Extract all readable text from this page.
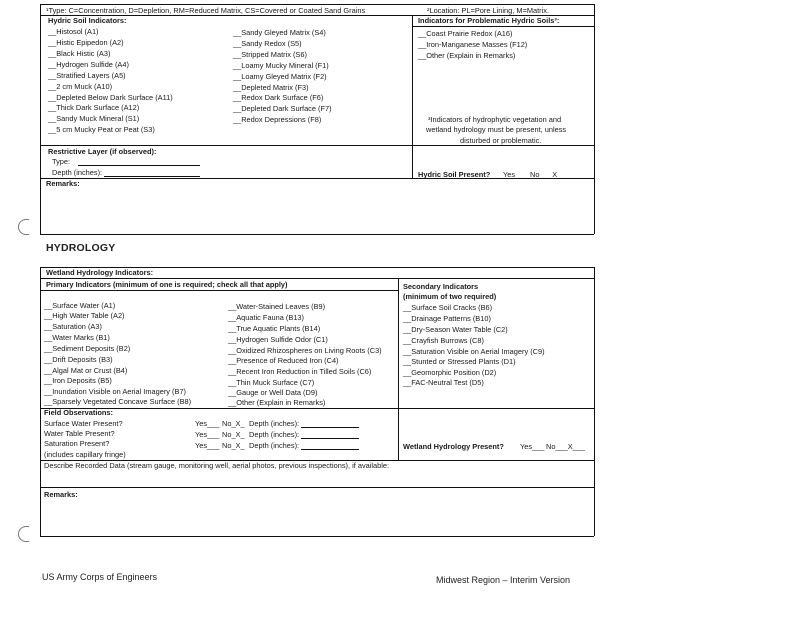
¹Type: C=Concentration, D=Depletion, RM=Reduced Matrix, CS=Covered or Coated Sand Grains	²Location: PL=Pore Lining, M=Matrix.
Hydric Soil Indicators:	Indicators for Problematic Hydric Soils³:
__Histosol (A1)
__Histic Epipedon (A2)
__Black Histic (A3)
__Hydrogen Sulfide (A4)
__Stratified Layers (A5)
__2 cm Muck (A10)
__Depleted Below Dark Surface (A11)
__Thick Dark Surface (A12)
__Sandy Muck Mineral (S1)
__5 cm Mucky Peat or Peat (S3)
__Sandy Gleyed Matrix (S4)
__Sandy Redox (S5)
__Stripped Matrix (S6)
__Loamy Mucky Mineral (F1)
__Loamy Gleyed Matrix (F2)
__Depleted Matrix (F3)
__Redox Dark Surface (F6)
__Depleted Dark Surface (F7)
__Redox Depressions (F8)
__Coast Prairie Redox (A16)
__Iron-Manganese Masses (F12)
__Other (Explain in Remarks)
³Indicators of hydrophytic vegetation and
wetland hydrology must be present, unless
disturbed or problematic.
Restrictive Layer (if observed):
Type:
Depth (inches):	Hydric Soil Present? Yes___ No __X__
Remarks:
HYDROLOGY
Wetland Hydrology Indicators:
Primary Indicators (minimum of one is required; check all that apply)	Secondary Indicators
(minimum of two required)
__Surface Water (A1)
__High Water Table (A2)
__Saturation (A3)
__Water Marks (B1)
__Sediment Deposits (B2)
__Drift Deposits (B3)
__Algal Mat or Crust (B4)
__Iron Deposits (B5)
__Inundation Visible on Aerial Imagery (B7)
__Sparsely Vegetated Concave Surface (B8)
__Water-Stained Leaves (B9)
__Aquatic Fauna (B13)
__True Aquatic Plants (B14)
__Hydrogen Sulfide Odor (C1)
__Oxidized Rhizospheres on Living Roots (C3)
__Presence of Reduced Iron (C4)
__Recent Iron Reduction in Tilled Soils (C6)
__Thin Muck Surface (C7)
__Gauge or Well Data (D9)
__Other (Explain in Remarks)
__Surface Soil Cracks (B6)
__Drainage Patterns (B10)
__Dry-Season Water Table (C2)
__Crayfish Burrows (C8)
__Saturation Visible on Aerial Imagery (C9)
__Stunted or Stressed Plants (D1)
__Geomorphic Position (D2)
__FAC-Neutral Test (D5)
Field Observations:
Surface Water Present?	Yes___ No_X_ Depth (inches):
Water Table Present?	Yes___ No_X_ Depth (inches):
Saturation Present?	Yes___ No_X_ Depth (inches):
(includes capillary fringe)
Wetland Hydrology Present? Yes___ No___X___
Describe Recorded Data (stream gauge, monitoring well, aerial photos, previous inspections), if available:
Remarks:
US Army Corps of Engineers	Midwest Region – Interim Version
